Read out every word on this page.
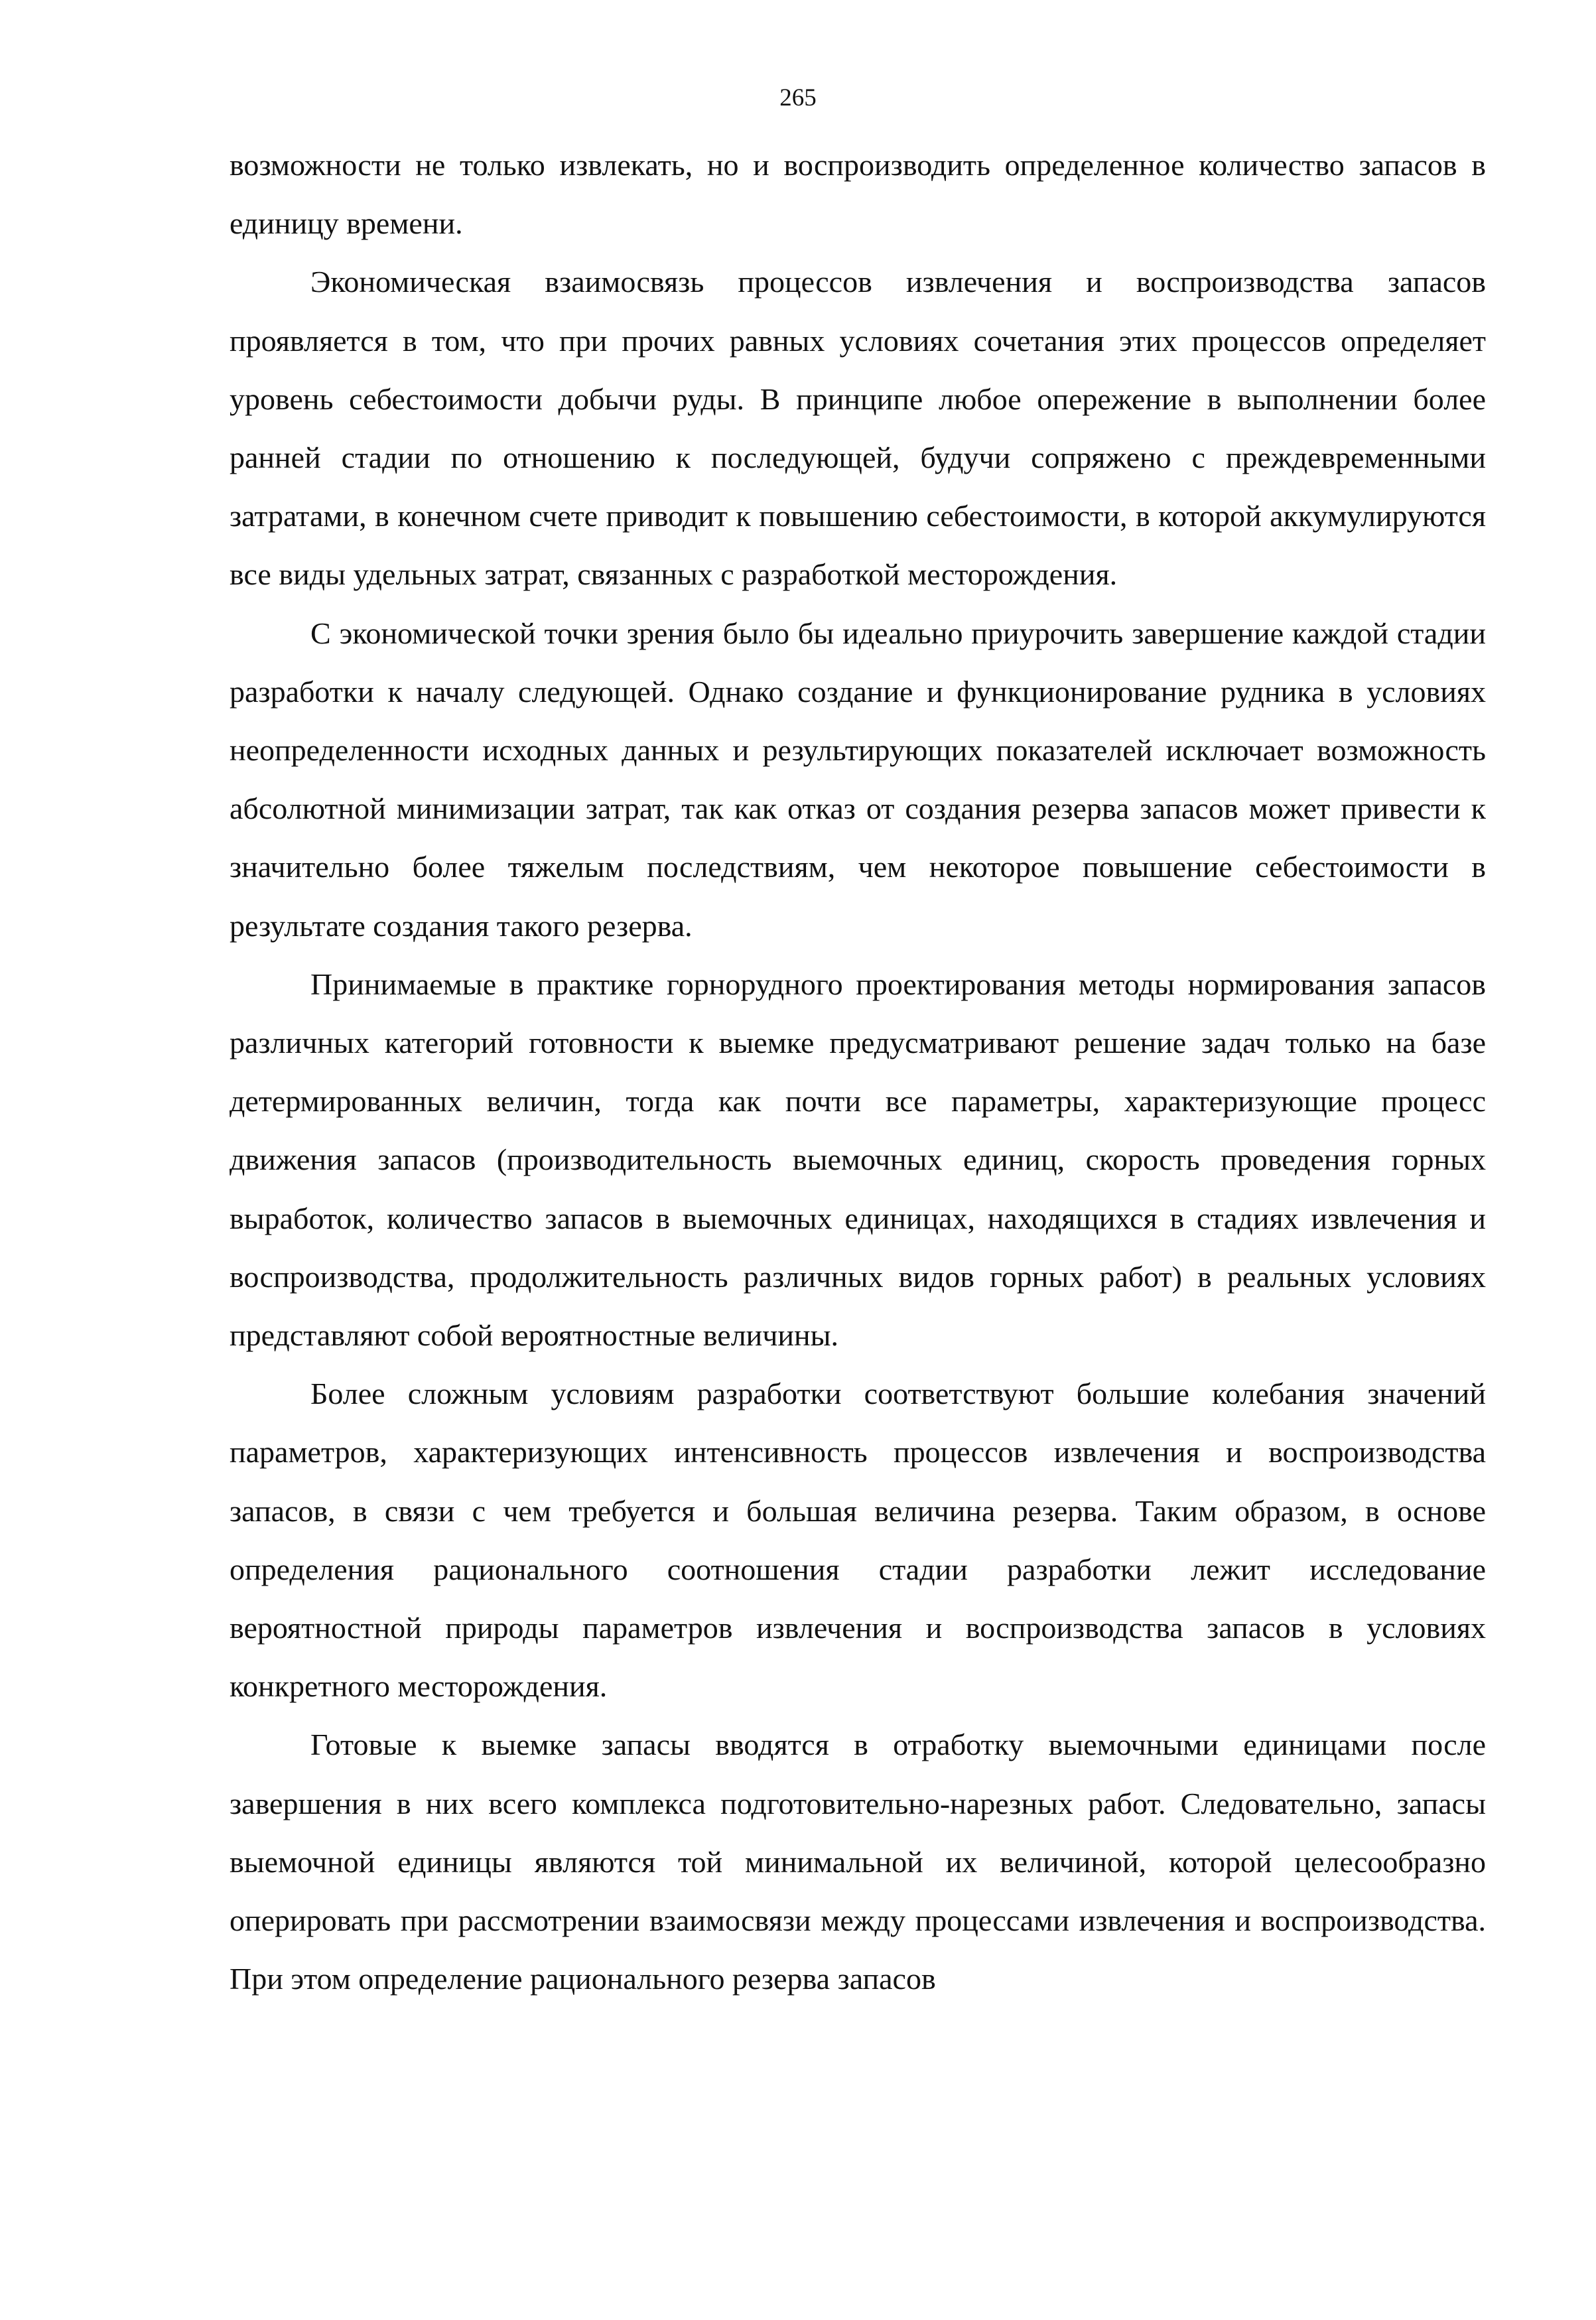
265

возможности не только извлекать, но и воспроизводить определенное количество запасов в единицу времени.

Экономическая взаимосвязь процессов извлечения и воспроизводства запасов проявляется в том, что при прочих равных условиях сочетания этих процессов определяет уровень себестоимости добычи руды. В принципе любое опережение в выполнении более ранней стадии по отношению к последующей, будучи сопряжено с преждевременными затратами, в конечном счете приводит к повышению себестоимости, в которой аккумулируются все виды удельных затрат, связанных с разработкой месторождения.

С экономической точки зрения было бы идеально приурочить завершение каждой стадии разработки к началу следующей. Однако создание и функционирование рудника в условиях неопределенности исходных данных и результирующих показателей исключает возможность абсолютной минимизации затрат, так как отказ от создания резерва запасов может привести к значительно более тяжелым последствиям, чем некоторое повышение себестоимости в результате создания такого резерва.

Принимаемые в практике горнорудного проектирования методы нормирования запасов различных категорий готовности к выемке предусматривают решение задач только на базе детермированных величин, тогда как почти все параметры, характеризующие процесс движения запасов (производительность выемочных единиц, скорость проведения горных выработок, количество запасов в выемочных единицах, находящихся в стадиях извлечения и воспроизводства, продолжительность различных видов горных работ) в реальных условиях представляют собой вероятностные величины.

Более сложным условиям разработки соответствуют большие колебания значений параметров, характеризующих интенсивность процессов извлечения и воспроизводства запасов, в связи с чем требуется и большая величина резерва. Таким образом, в основе определения рационального соотношения стадии разработки лежит исследование вероятностной природы параметров извлечения и воспроизводства запасов в условиях конкретного месторождения.

Готовые к выемке запасы вводятся в отработку выемочными единицами после завершения в них всего комплекса подготовительно-нарезных работ. Следовательно, запасы выемочной единицы являются той минимальной их величиной, которой целесообразно оперировать при рассмотрении взаимосвязи между процессами извлечения и воспроизводства. При этом определение рационального резерва запасов
